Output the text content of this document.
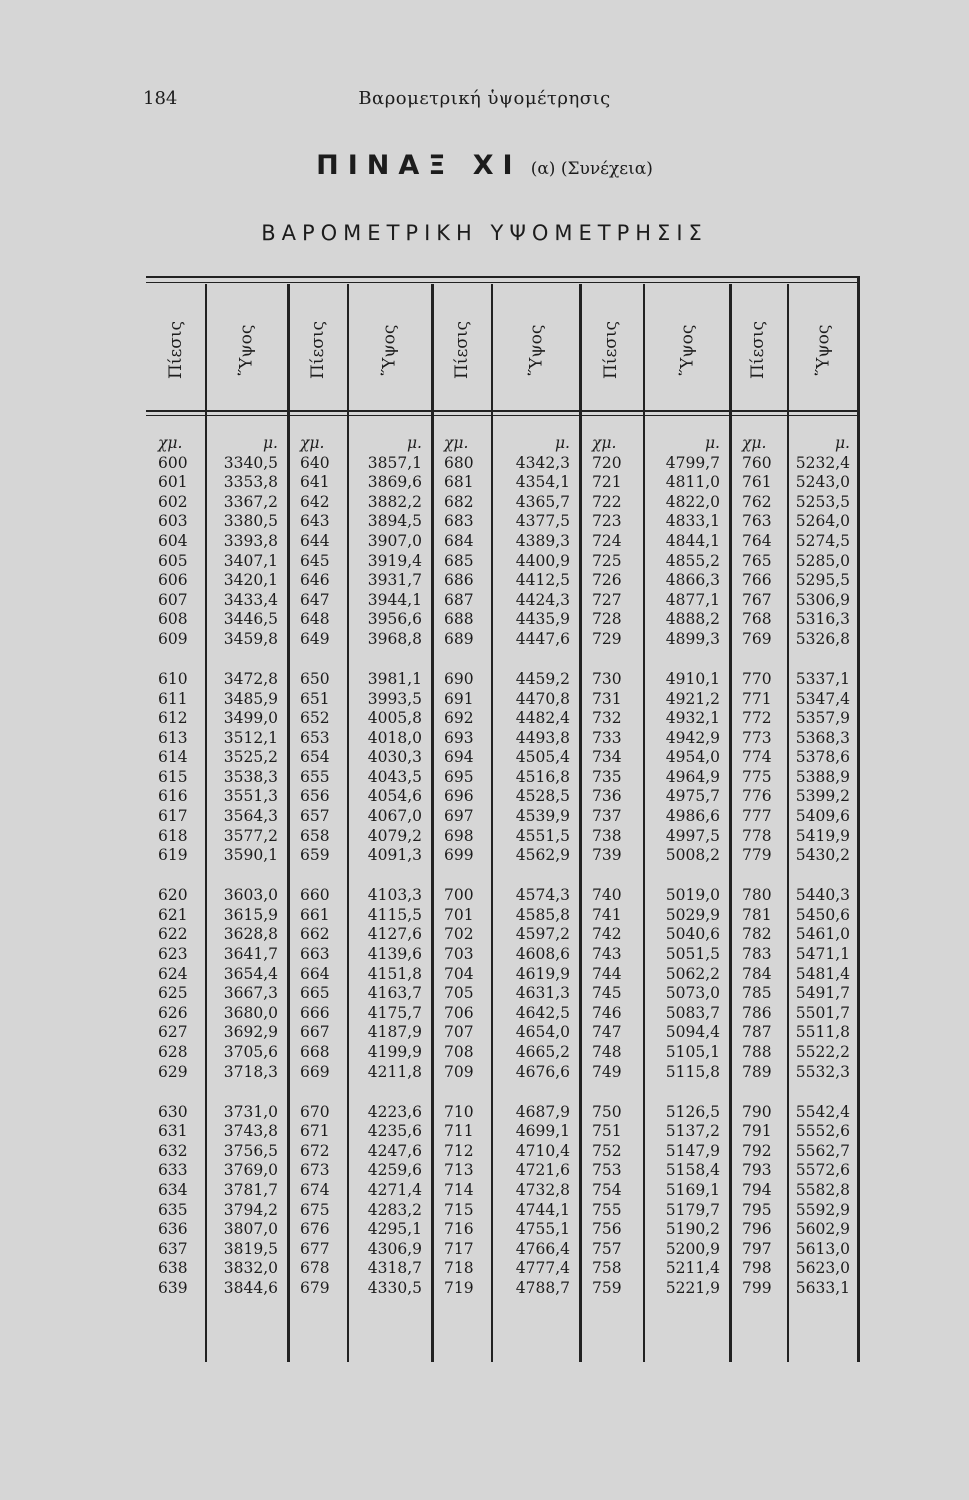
184	Βαρομετρική ὑψομέτρησις
ΠΙΝΑΞ XI (α) (Συνέχεια)
ΒΑΡΟΜΕΤΡΙΚΗ ΥΨΟΜΕΤΡΗΣΙΣ
Πίεσις	Ὕψος	Πίεσις	Ὕψος	Πίεσις	Ὕψος	Πίεσις	Ὕψος	Πίεσις	Ὕψος
χμ.	μ.	χμ.	μ.	χμ.	μ.	χμ.	μ.	χμ.	μ.
600	3340,5	640	3857,1	680	4342,3	720	4799,7	760	5232,4
601	3353,8	641	3869,6	681	4354,1	721	4811,0	761	5243,0
602	3367,2	642	3882,2	682	4365,7	722	4822,0	762	5253,5
603	3380,5	643	3894,5	683	4377,5	723	4833,1	763	5264,0
604	3393,8	644	3907,0	684	4389,3	724	4844,1	764	5274,5
605	3407,1	645	3919,4	685	4400,9	725	4855,2	765	5285,0
606	3420,1	646	3931,7	686	4412,5	726	4866,3	766	5295,5
607	3433,4	647	3944,1	687	4424,3	727	4877,1	767	5306,9
608	3446,5	648	3956,6	688	4435,9	728	4888,2	768	5316,3
609	3459,8	649	3968,8	689	4447,6	729	4899,3	769	5326,8
610	3472,8	650	3981,1	690	4459,2	730	4910,1	770	5337,1
611	3485,9	651	3993,5	691	4470,8	731	4921,2	771	5347,4
612	3499,0	652	4005,8	692	4482,4	732	4932,1	772	5357,9
613	3512,1	653	4018,0	693	4493,8	733	4942,9	773	5368,3
614	3525,2	654	4030,3	694	4505,4	734	4954,0	774	5378,6
615	3538,3	655	4043,5	695	4516,8	735	4964,9	775	5388,9
616	3551,3	656	4054,6	696	4528,5	736	4975,7	776	5399,2
617	3564,3	657	4067,0	697	4539,9	737	4986,6	777	5409,6
618	3577,2	658	4079,2	698	4551,5	738	4997,5	778	5419,9
619	3590,1	659	4091,3	699	4562,9	739	5008,2	779	5430,2
620	3603,0	660	4103,3	700	4574,3	740	5019,0	780	5440,3
621	3615,9	661	4115,5	701	4585,8	741	5029,9	781	5450,6
622	3628,8	662	4127,6	702	4597,2	742	5040,6	782	5461,0
623	3641,7	663	4139,6	703	4608,6	743	5051,5	783	5471,1
624	3654,4	664	4151,8	704	4619,9	744	5062,2	784	5481,4
625	3667,3	665	4163,7	705	4631,3	745	5073,0	785	5491,7
626	3680,0	666	4175,7	706	4642,5	746	5083,7	786	5501,7
627	3692,9	667	4187,9	707	4654,0	747	5094,4	787	5511,8
628	3705,6	668	4199,9	708	4665,2	748	5105,1	788	5522,2
629	3718,3	669	4211,8	709	4676,6	749	5115,8	789	5532,3
630	3731,0	670	4223,6	710	4687,9	750	5126,5	790	5542,4
631	3743,8	671	4235,6	711	4699,1	751	5137,2	791	5552,6
632	3756,5	672	4247,6	712	4710,4	752	5147,9	792	5562,7
633	3769,0	673	4259,6	713	4721,6	753	5158,4	793	5572,6
634	3781,7	674	4271,4	714	4732,8	754	5169,1	794	5582,8
635	3794,2	675	4283,2	715	4744,1	755	5179,7	795	5592,9
636	3807,0	676	4295,1	716	4755,1	756	5190,2	796	5602,9
637	3819,5	677	4306,9	717	4766,4	757	5200,9	797	5613,0
638	3832,0	678	4318,7	718	4777,4	758	5211,4	798	5623,0
639	3844,6	679	4330,5	719	4788,7	759	5221,9	799	5633,1
